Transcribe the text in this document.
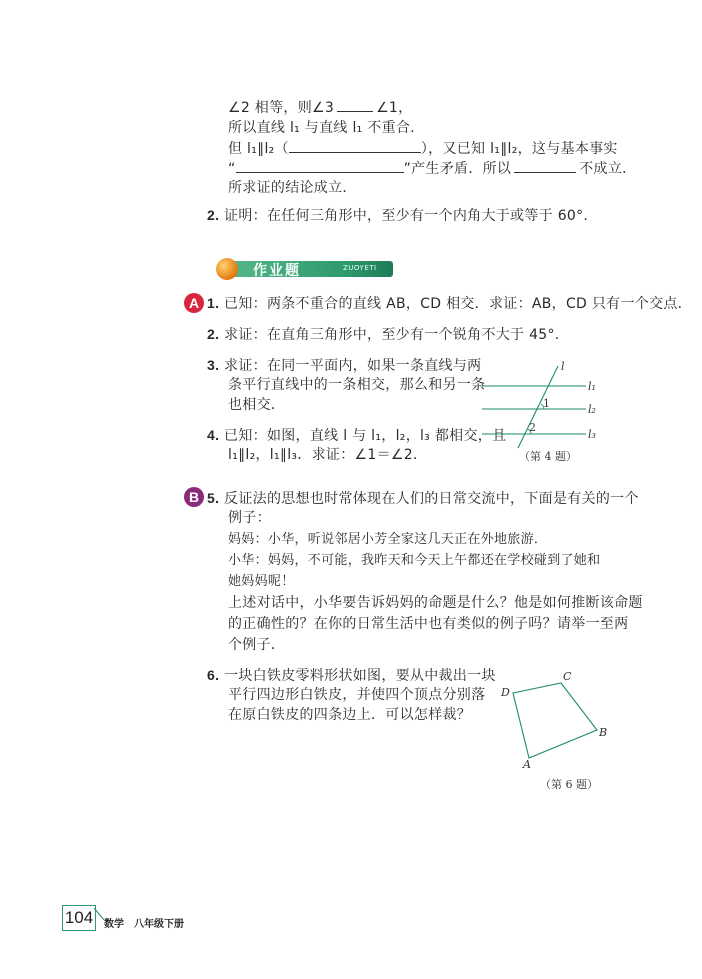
∠2 相等，则∠3	∠1，
所以直线 l₁ 与直线 l₁ 不重合．
但 l₁∥l₂（	），又已知 l₁∥l₂，这与基本事实
“	”产生矛盾．所以	不成立．
所求证的结论成立．
2. 证明：在任何三角形中，至少有一个内角大于或等于 60°.
作业题	ZUOYETI
A 1. 已知：两条不重合的直线 AB，CD 相交．求证：AB，CD 只有一个交点．
2. 求证：在直角三角形中，至少有一个锐角不大于 45°.
3. 求证：在同一平面内，如果一条直线与两
条平行直线中的一条相交，那么和另一条
也相交．
4. 已知：如图，直线 l 与 l₁，l₂，l₃ 都相交，且
l₁∥l₂，l₁∥l₃．求证：∠1＝∠2．
l
l₁
l₂
l₃
1
2
（第 4 题）
B 5. 反证法的思想也时常体现在人们的日常交流中，下面是有关的一个
例子：
妈妈：小华，听说邻居小芳全家这几天正在外地旅游．
小华：妈妈，不可能，我昨天和今天上午都还在学校碰到了她和
她妈妈呢！
上述对话中，小华要告诉妈妈的命题是什么？他是如何推断该命题
的正确性的？在你的日常生活中也有类似的例子吗？请举一至两
个例子．
6. 一块白铁皮零料形状如图，要从中裁出一块
平行四边形白铁皮，并使四个顶点分别落
在原白铁皮的四条边上．可以怎样裁？
D
C
B
A
（第 6 题）
104 数学　八年级下册
